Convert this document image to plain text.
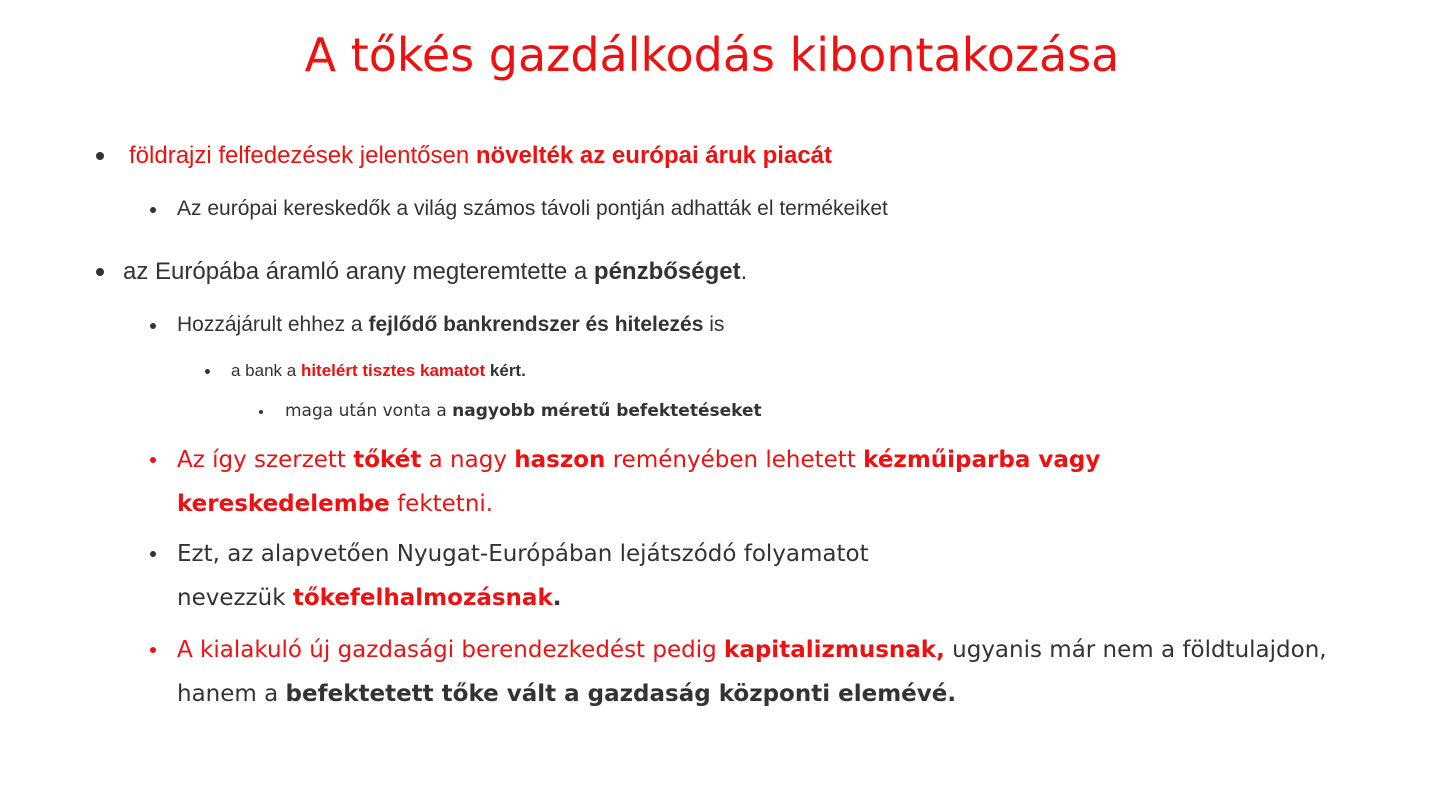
A tőkés gazdálkodás kibontakozása
földrajzi felfedezések jelentősen növelték az európai áruk piacát
Az európai kereskedők a világ számos távoli pontján adhatták el termékeiket
az Európába áramló arany megteremtette a pénzbőséget.
Hozzájárult ehhez a fejlődő bankrendszer és hitelezés is
a bank a hitelért tisztes kamatot kért.
maga után vonta a nagyobb méretű befektetéseket
Az így szerzett tőkét a nagy haszon reményében lehetett kézműiparba vagy kereskedelembe fektetni.
Ezt, az alapvetően Nyugat-Európában lejátszódó folyamatot nevezzük tőkefelhalmozásnak.
A kialakuló új gazdasági berendezkedést pedig kapitalizmusnak, ugyanis már nem a földtulajdon, hanem a befektetett tőke vált a gazdaság központi elemévé.
